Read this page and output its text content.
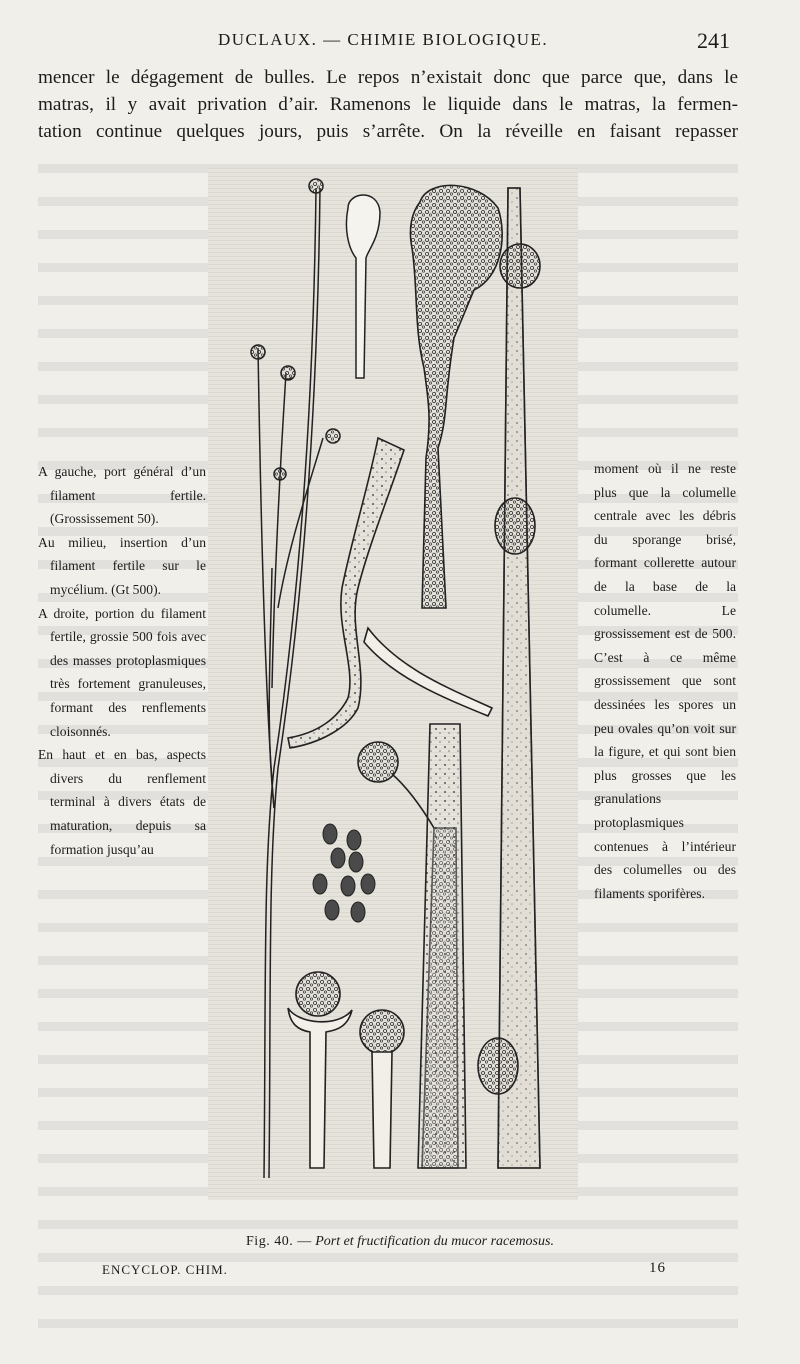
DUCLAUX. — CHIMIE BIOLOGIQUE.	241

mencer le dégagement de bulles. Le repos n’existait donc que parce que, dans le

matras, il y avait privation d’air. Ramenons le liquide dans le matras, la fermen-

tation continue quelques jours, puis s’arrête. On la réveille en faisant repasser

A gauche, port général d’un filament fertile. (Grossissement 50).

Au milieu, insertion d’un filament fertile sur le mycélium. (Gt 500).

A droite, portion du filament fertile, grossie 500 fois avec des masses protoplasmiques très fortement granuleuses, formant des renflements cloisonnés.

En haut et en bas, aspects divers du renflement terminal à divers états de maturation, depuis sa formation jusqu’au

moment où il ne reste plus que la columelle centrale avec les débris du sporange brisé, formant collerette autour de la base de la columelle. Le grossissement est de 500. C’est à ce même grossissement que sont dessinées les spores un peu ovales qu’on voit sur la figure, et qui sont bien plus grosses que les granulations protoplasmiques contenues à l’intérieur des columelles ou des filaments sporifères.

Fig. 40. — Port et fructification du mucor racemosus.
ENCYCLOP. CHIM.	16
